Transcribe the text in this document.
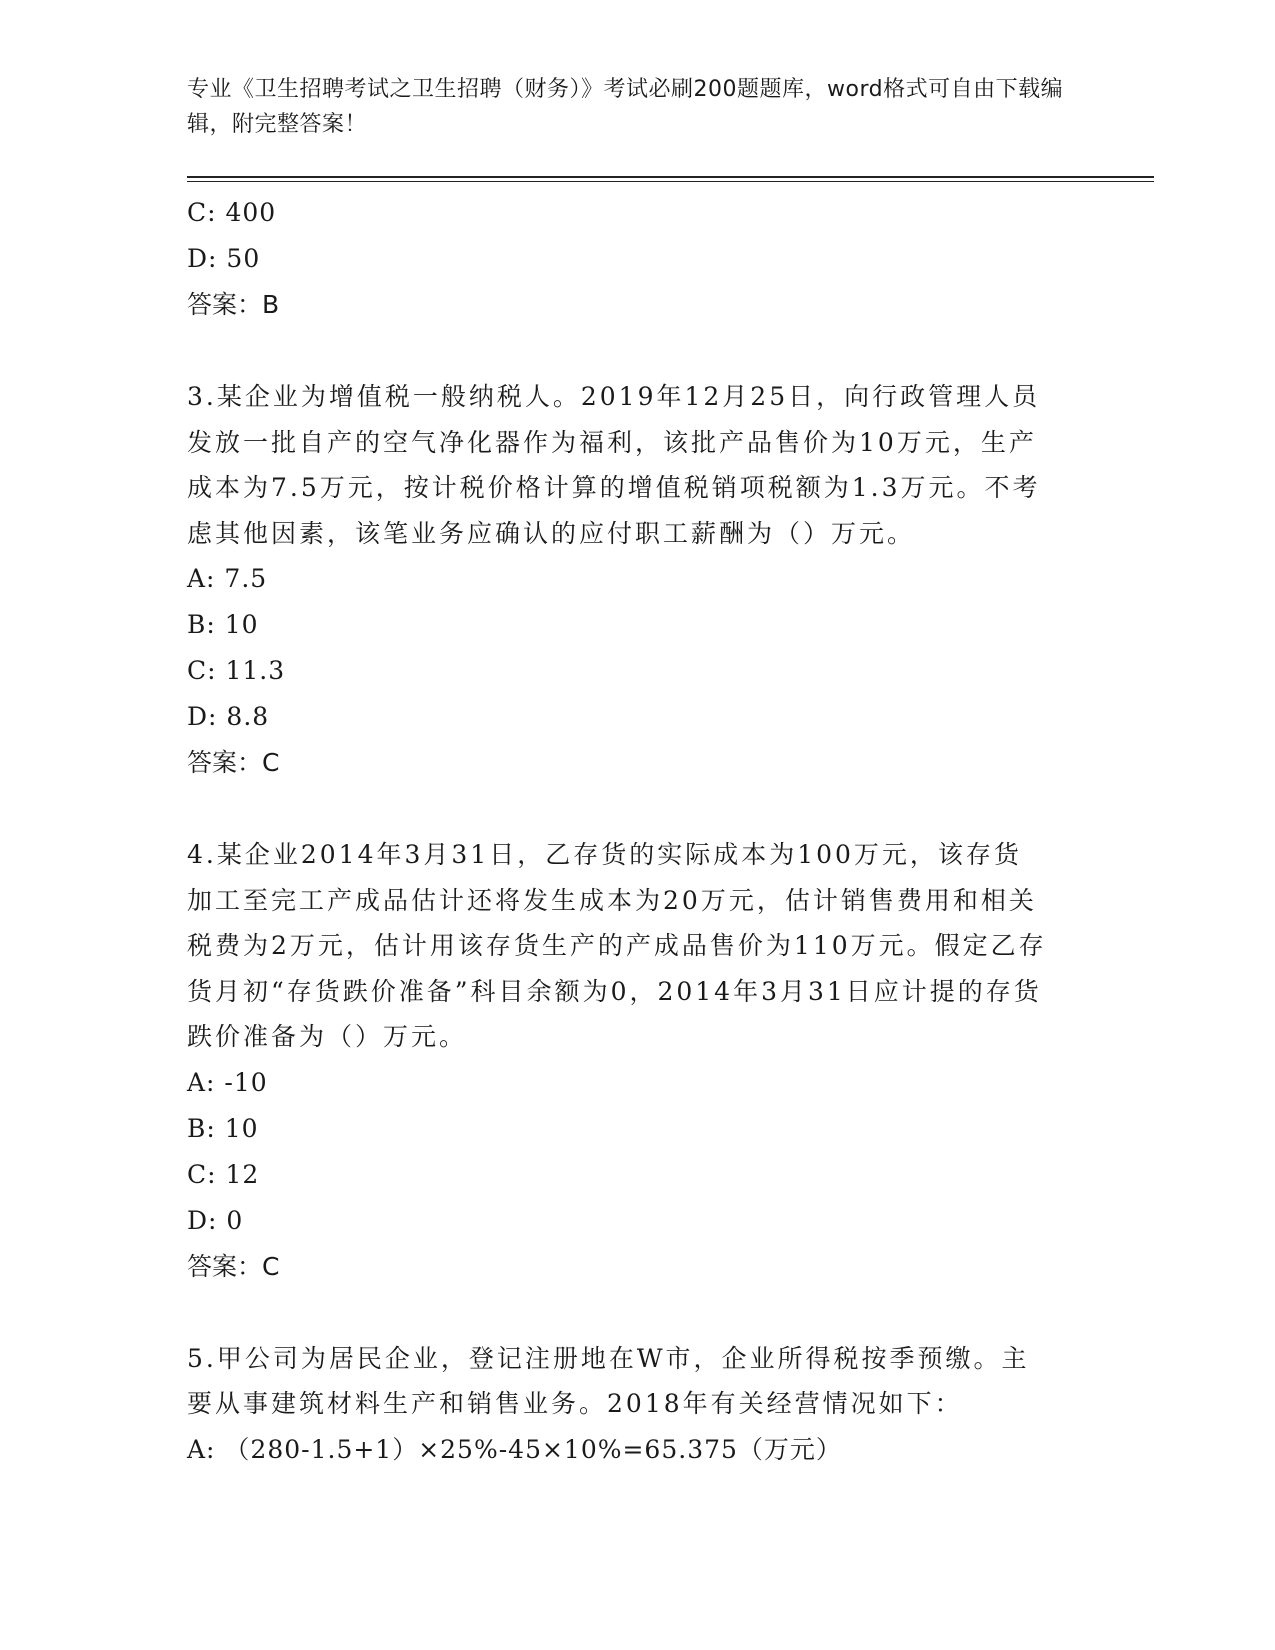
专业《卫生招聘考试之卫生招聘（财务）》考试必刷200题题库，word格式可自由下载编辑，附完整答案！
C: 400
D: 50
答案：B
3.某企业为增值税一般纳税人。2019年12月25日，向行政管理人员发放一批自产的空气净化器作为福利，该批产品售价为10万元，生产成本为7.5万元，按计税价格计算的增值税销项税额为1.3万元。不考虑其他因素，该笔业务应确认的应付职工薪酬为（）万元。
A: 7.5
B: 10
C: 11.3
D: 8.8
答案：C
4.某企业2014年3月31日，乙存货的实际成本为100万元，该存货加工至完工产成品估计还将发生成本为20万元，估计销售费用和相关税费为2万元，估计用该存货生产的产成品售价为110万元。假定乙存货月初“存货跌价准备”科目余额为0，2014年3月31日应计提的存货跌价准备为（）万元。
A: -10
B: 10
C: 12
D: 0
答案：C
5.甲公司为居民企业，登记注册地在W市，企业所得税按季预缴。主要从事建筑材料生产和销售业务。2018年有关经营情况如下：
A: （280-1.5+1）×25%-45×10%=65.375（万元）
